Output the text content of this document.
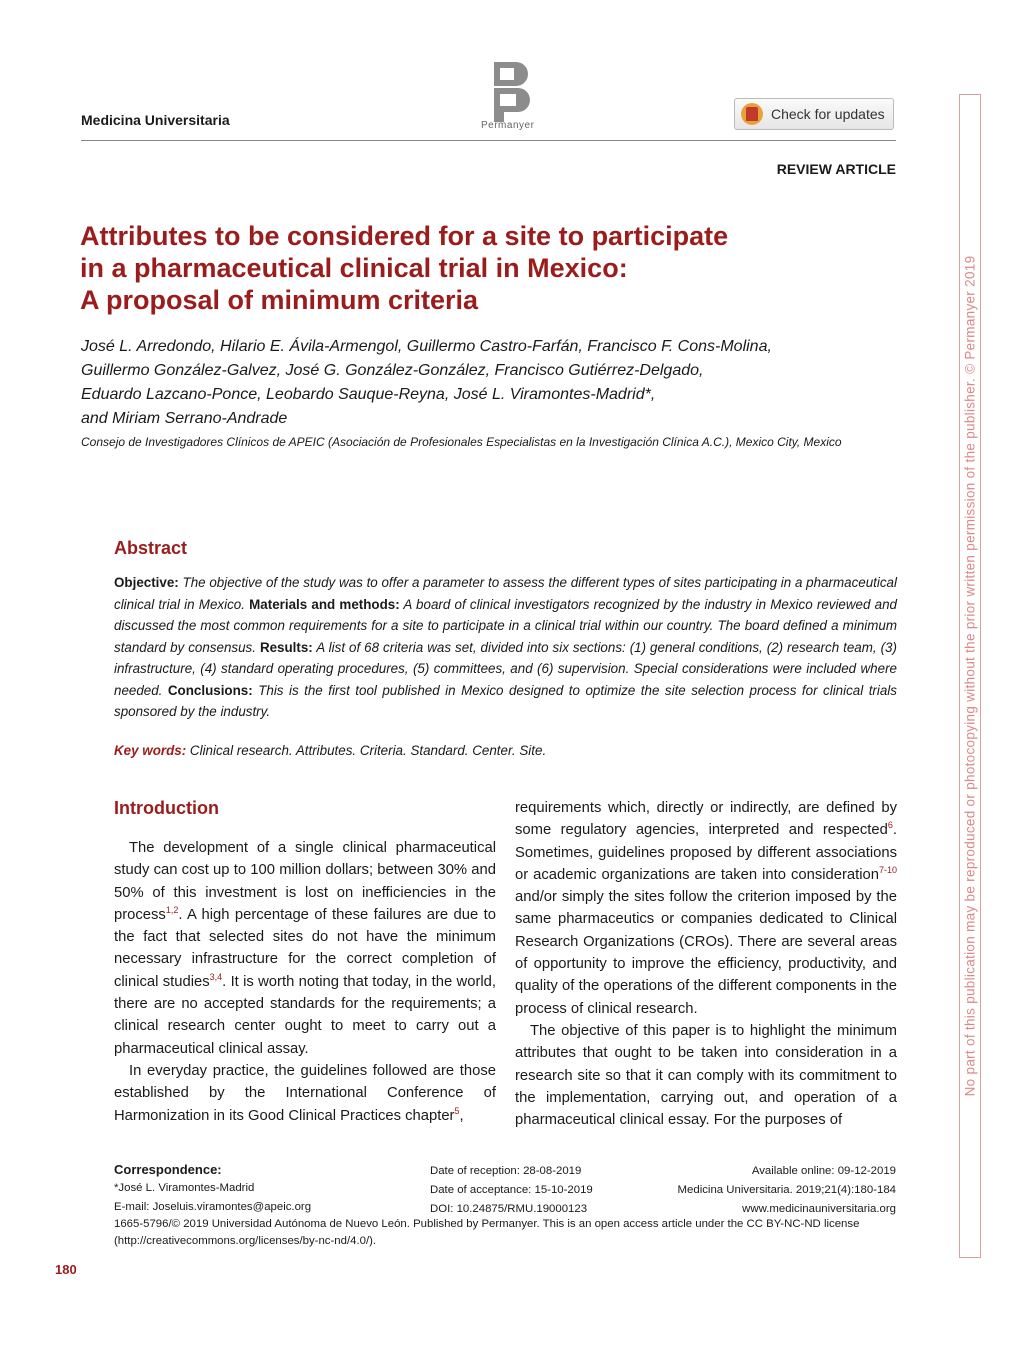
Medicina Universitaria	Permanyer
Check for updates
REVIEW ARTICLE
Attributes to be considered for a site to participate
in a pharmaceutical clinical trial in Mexico:
A proposal of minimum criteria
José L. Arredondo, Hilario E. Ávila-Armengol, Guillermo Castro-Farfán, Francisco F. Cons-Molina,
Guillermo González-Galvez, José G. González-González, Francisco Gutiérrez-Delgado,
Eduardo Lazcano-Ponce, Leobardo Sauque-Reyna, José L. Viramontes-Madrid*,
and Miriam Serrano-Andrade
Consejo de Investigadores Clínicos de APEIC (Asociación de Profesionales Especialistas en la Investigación Clínica A.C.), Mexico City, Mexico
Abstract
Objective: The objective of the study was to offer a parameter to assess the different types of sites participating in a pharmaceutical clinical trial in Mexico. Materials and methods: A board of clinical investigators recognized by the industry in Mexico reviewed and discussed the most common requirements for a site to participate in a clinical trial within our country. The board defined a minimum standard by consensus. Results: A list of 68 criteria was set, divided into six sections: (1) general conditions, (2) research team, (3) infrastructure, (4) standard operating procedures, (5) committees, and (6) supervision. Special considerations were included where needed. Conclusions: This is the first tool published in Mexico designed to optimize the site selection process for clinical trials sponsored by the industry.
Key words: Clinical research. Attributes. Criteria. Standard. Center. Site.
Introduction

The development of a single clinical pharmaceutical study can cost up to 100 million dollars; between 30% and 50% of this investment is lost on inefficiencies in the process$^{1,2}$. A high percentage of these failures are due to the fact that selected sites do not have the minimum necessary infrastructure for the correct completion of clinical studies$^{3,4}$. It is worth noting that today, in the world, there are no accepted standards for the requirements; a clinical research center ought to meet to carry out a pharmaceutical clinical assay.

In everyday practice, the guidelines followed are those established by the International Conference of Harmonization in its Good Clinical Practices chapter$^5$,

requirements which, directly or indirectly, are defined by some regulatory agencies, interpreted and respected$^6$. Sometimes, guidelines proposed by different associations or academic organizations are taken into consideration$^{7-10}$ and/or simply the sites follow the criterion imposed by the same pharmaceutics or companies dedicated to Clinical Research Organizations (CROs). There are several areas of opportunity to improve the efficiency, productivity, and quality of the operations of the different components in the process of clinical research.

The objective of this paper is to highlight the minimum attributes that ought to be taken into consideration in a research site so that it can comply with its commitment to the implementation, carrying out, and operation of a pharmaceutical clinical essay. For the purposes of

Correspondence:
*José L. Viramontes-Madrid
E-mail: Joseluis.viramontes@apeic.org
Date of reception: 28-08-2019
Date of acceptance: 15-10-2019
DOI: 10.24875/RMU.19000123
Available online: 09-12-2019
Medicina Universitaria. 2019;21(4):180-184
www.medicinauniversitaria.org
1665-5796/© 2019 Universidad Autónoma de Nuevo León. Published by Permanyer. This is an open access article under the CC BY-NC-ND license (http://creativecommons.org/licenses/by-nc-nd/4.0/).
180
No part of this publication may be reproduced or photocopying without the prior written permission of the publisher. © Permanyer 2019
